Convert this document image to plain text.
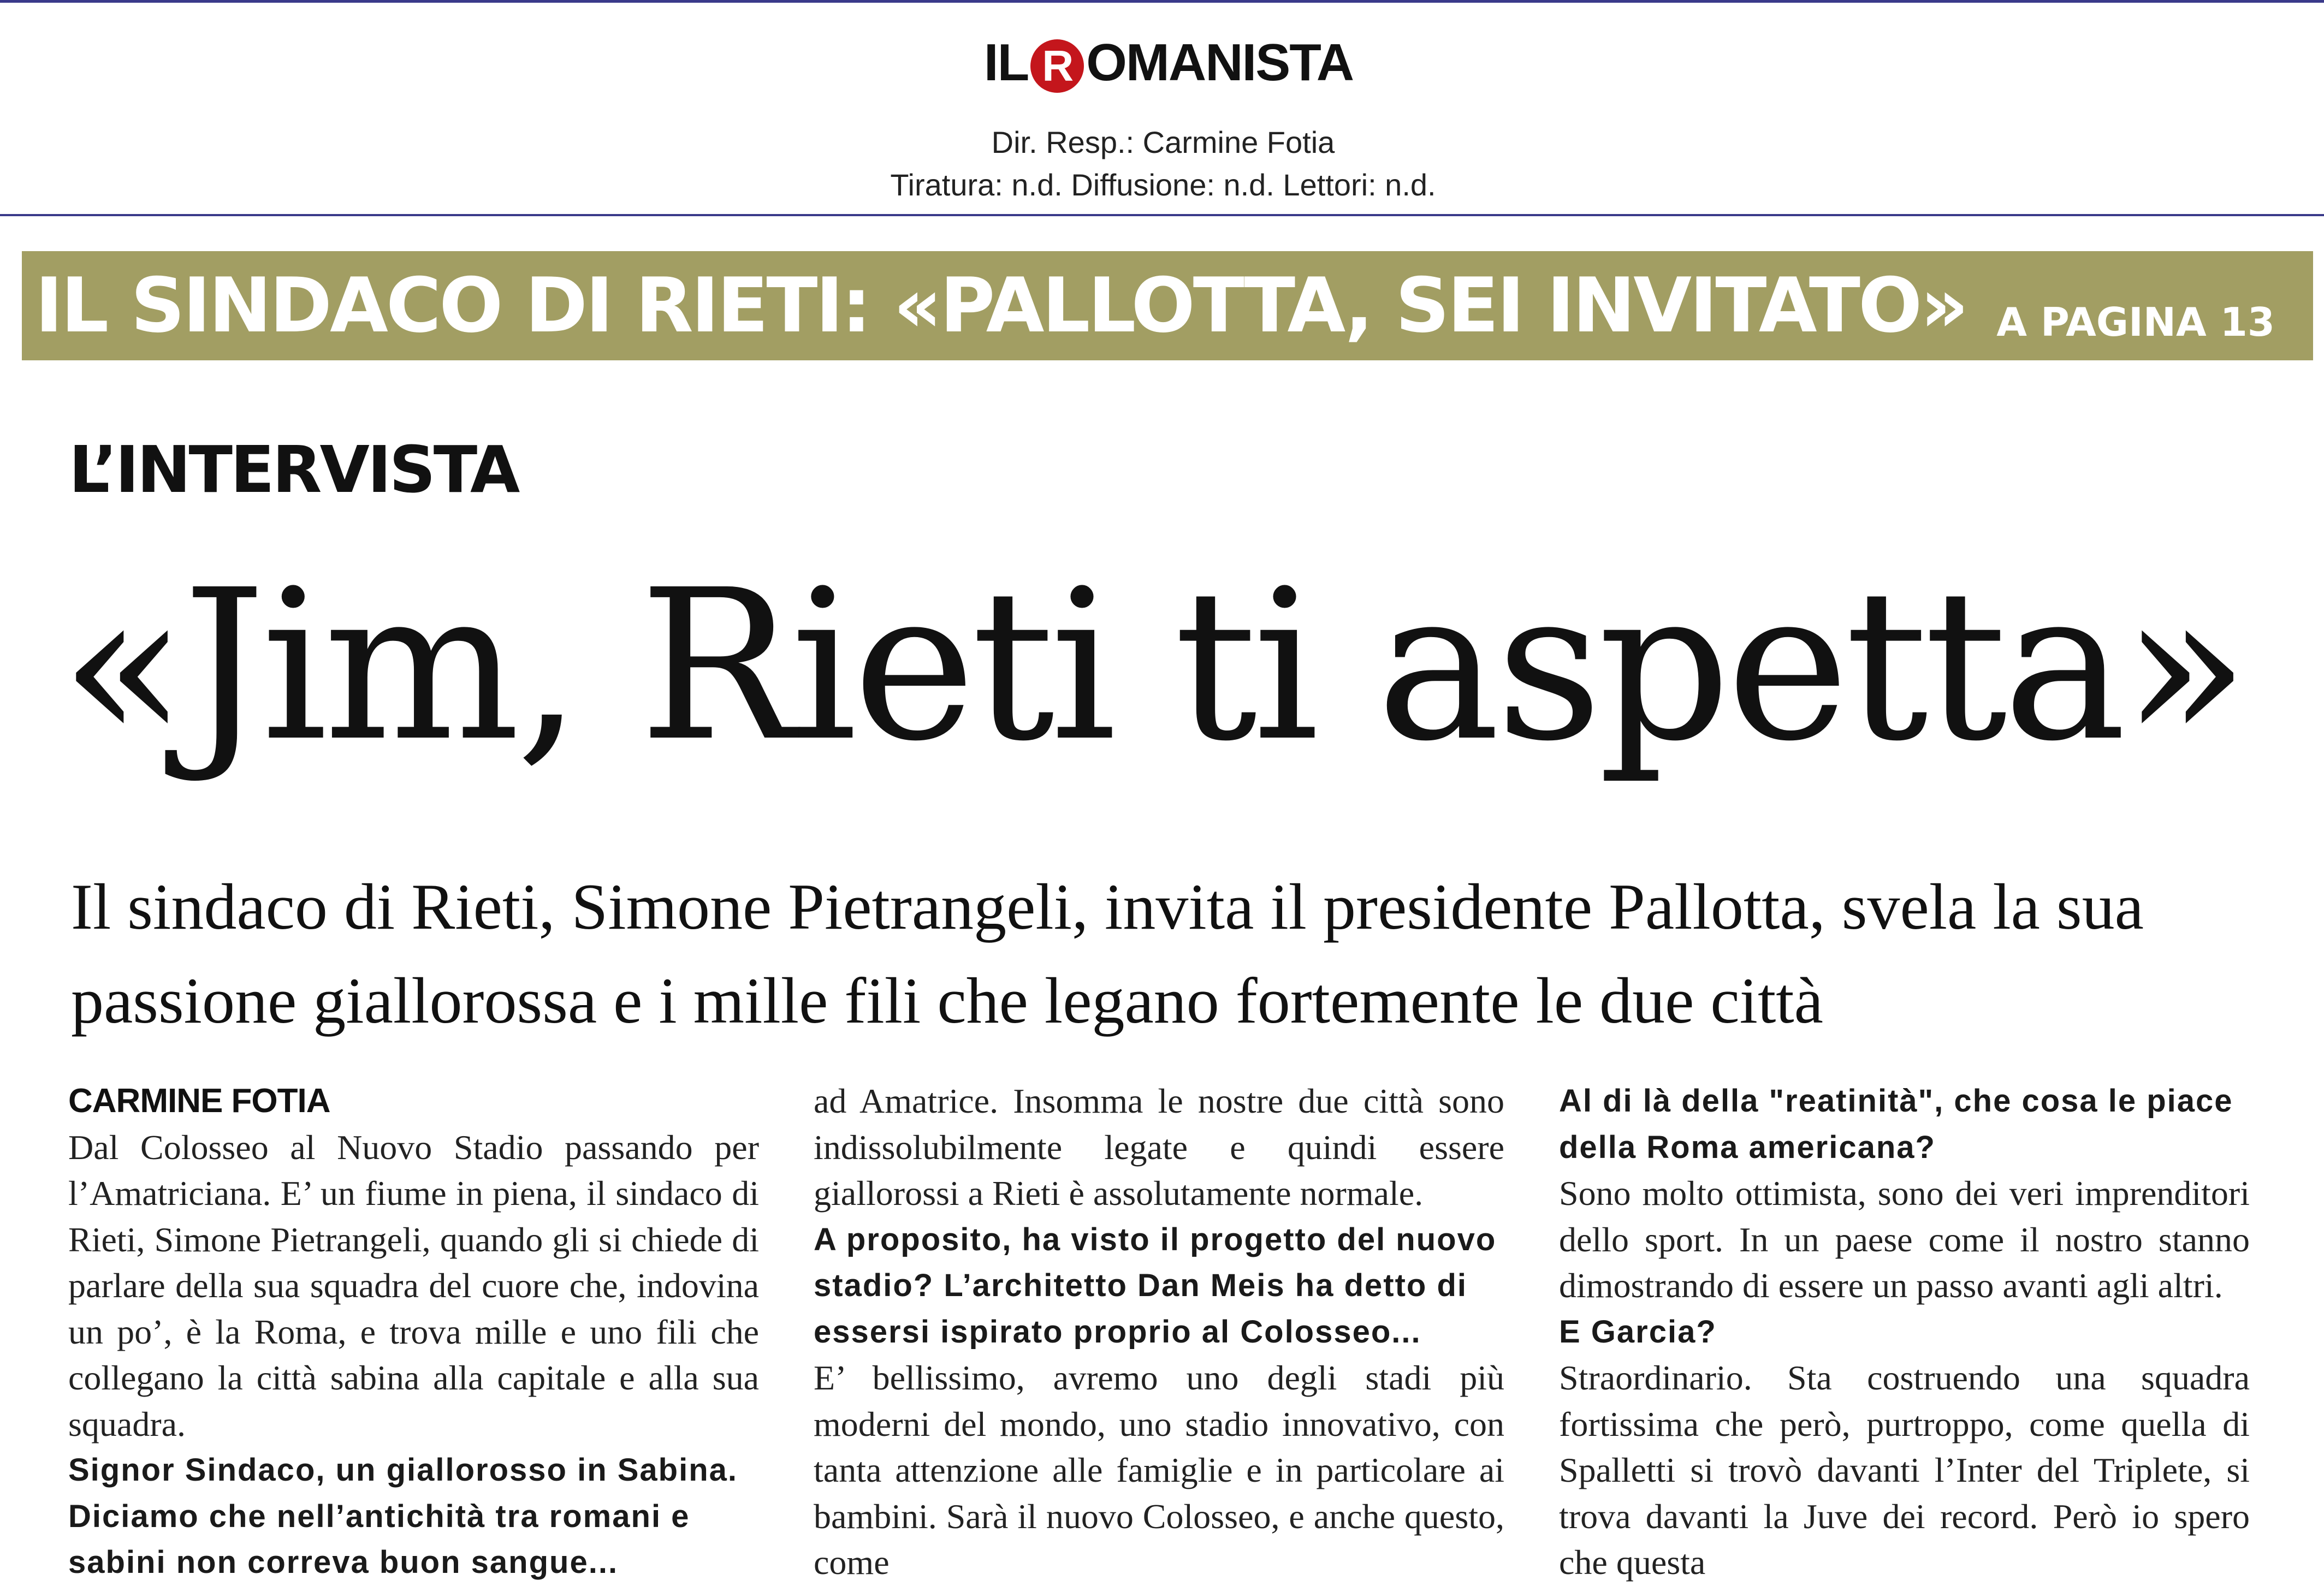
IL R OMANISTA
Dir. Resp.: Carmine Fotia
Tiratura: n.d. Diffusione: n.d. Lettori: n.d.
IL SINDACO DI RIETI: «PALLOTTA, SEI INVITATO» A PAGINA 13
L’INTERVISTA
«Jim, Rieti ti aspetta»
Il sindaco di Rieti, Simone Pietrangeli, invita il presidente Pallotta, svela la sua passione giallorossa e i mille fili che legano fortemente le due città

CARMINE FOTIA

Dal Colosseo al Nuovo Stadio passando per l’Amatriciana. E’ un fiume in piena, il sindaco di Rieti, Simone Pietrangeli, quando gli si chiede di parlare della sua squadra del cuore che, indovina un po’, è la Roma, e trova mille e uno fili che collegano la città sabina alla capitale e alla sua squadra.

Signor Sindaco, un giallorosso in Sabina. Diciamo che nell’antichità tra romani e sabini non correva buon sangue...

ad Amatrice. Insomma le nostre due città sono indissolubilmente legate e quindi essere giallorossi a Rieti è assolutamente normale.

A proposito, ha visto il progetto del nuovo stadio? L’architetto Dan Meis ha detto di essersi ispirato proprio al Colosseo...

E’ bellissimo, avremo uno degli stadi più moderni del mondo, uno stadio innovativo, con tanta attenzione alle famiglie e in particolare ai bambini. Sarà il nuovo Colosseo, e anche questo, come

Al di là della "reatinità", che cosa le piace della Roma americana?

Sono molto ottimista, sono dei veri imprenditori dello sport. In un paese come il nostro stanno dimostrando di essere un passo avanti agli altri.

E Garcia?

Straordinario. Sta costruendo una squadra fortissima che però, purtroppo, come quella di Spalletti si trovò davanti l’Inter del Triplete, si trova davanti la Juve dei record. Però io spero che questa
